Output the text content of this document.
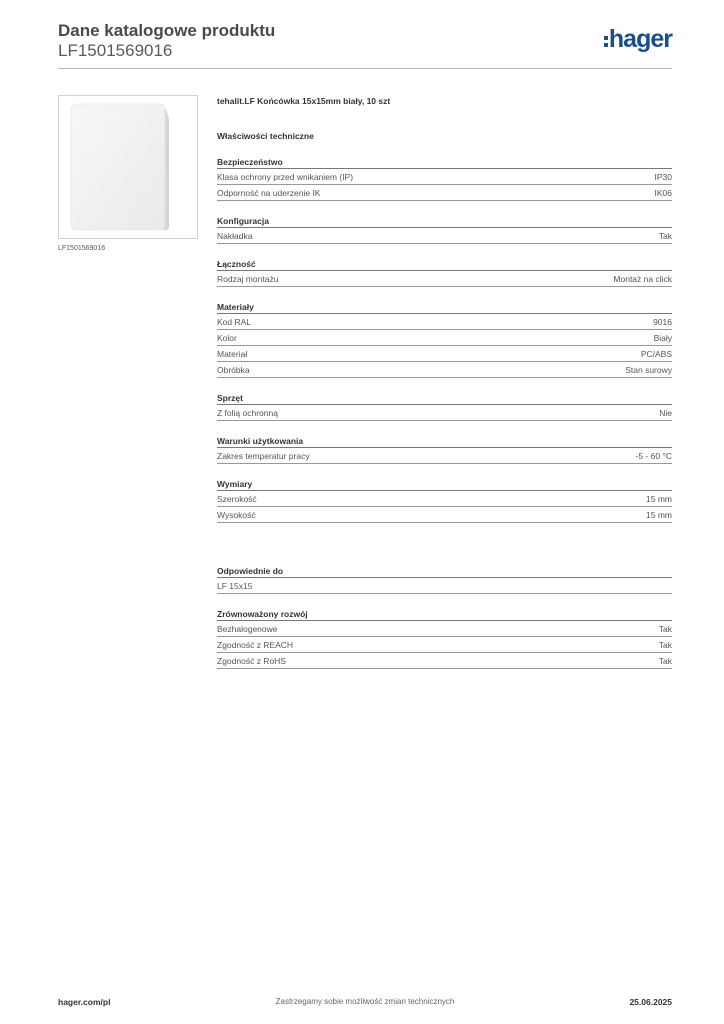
Dane katalogowe produktu
LF1501569016	hager
LF1501569016
tehalit.LF Końcówka 15x15mm biały, 10 szt
Właściwości techniczne
Bezpieczeństwo
Klasa ochrony przed wnikaniem (IP)	IP30
Odporność na uderzenie IK	IK06
Konfiguracja
Nakładka	Tak
Łączność
Rodzaj montażu	Montaż na click
Materiały
Kod RAL	9016
Kolor	Biały
Materiał	PC/ABS
Obróbka	Stan surowy
Sprzęt
Z folią ochronną	Nie
Warunki użytkowania
Zakres temperatur pracy	-5 - 60 °C
Wymiary
Szerokość	15 mm
Wysokość	15 mm
Odpowiednie do
LF 15x15
Zrównoważony rozwój
Bezhalogenowe	Tak
Zgodność z REACH	Tak
Zgodność z RoHS	Tak
hager.com/pl	Zastrzegamy sobie możliwość zmian technicznych	25.06.2025
